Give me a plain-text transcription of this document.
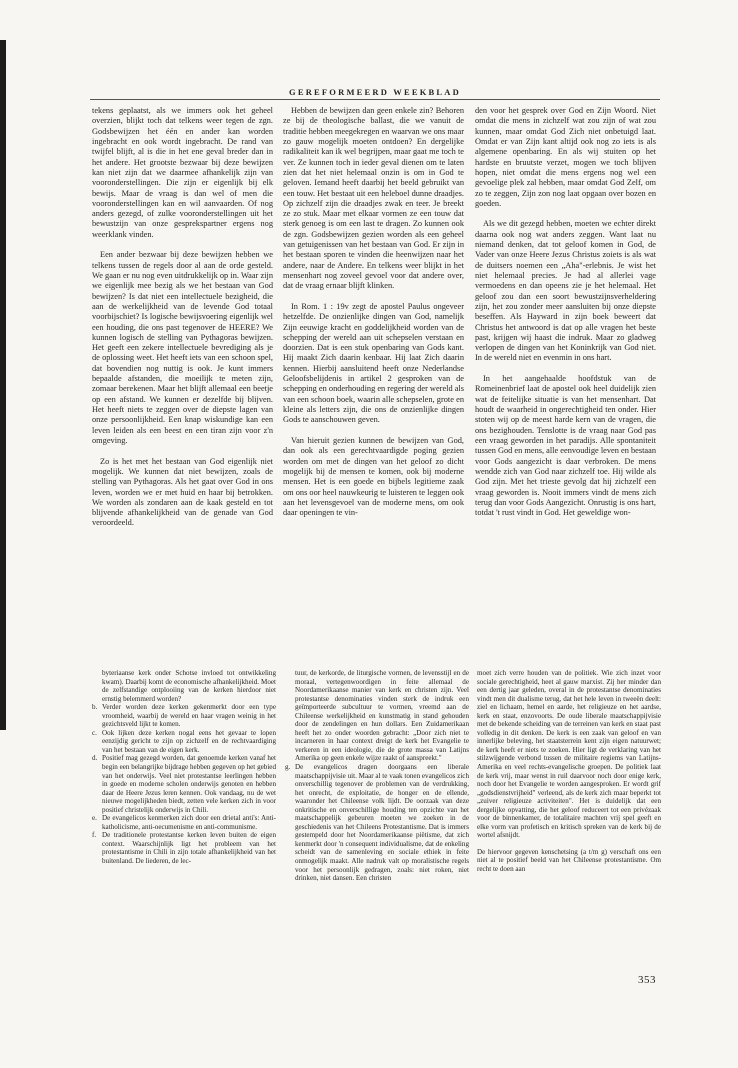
GEREFORMEERD WEEKBLAD

tekens geplaatst, als we immers ook het geheel overzien, blijkt toch dat telkens weer tegen de zgn. Godsbewijzen het één en ander kan worden ingebracht en ook wordt ingebracht. De rand van twijfel blijft, al is die in het ene geval breder dan in het andere. Het grootste bezwaar bij deze bewijzen kan niet zijn dat we daarmee afhankelijk zijn van vooronderstellingen. Die zijn er eigenlijk bij elk bewijs. Maar de vraag is dan wel of men die vooronderstellingen kan en wil aanvaarden. Of nog anders gezegd, of zulke vooronderstellingen uit het bewustzijn van onze gesprekspartner ergens nog weerklank vinden.

Een ander bezwaar bij deze bewijzen hebben we telkens tussen de regels door al aan de orde gesteld. We gaan er nu nog even uitdrukkelijk op in. Waar zijn we eigenlijk mee bezig als we het bestaan van God bewijzen? Is dat niet een intellectuele bezigheid, die aan de werkelijkheid van de levende God totaal voorbijschiet? Is logische bewijsvoering eigenlijk wel een houding, die ons past tegenover de HEERE? We kunnen logisch de stelling van Pythagoras bewijzen. Het geeft een zekere intellectuele bevrediging als je de oplossing weet. Het heeft iets van een schoon spel, dat bovendien nog nuttig is ook. Je kunt immers bepaalde afstanden, die moeilijk te meten zijn, zomaar berekenen. Maar het blijft allemaal een beetje op een afstand. We kunnen er dezelfde bij blijven. Het heeft niets te zeggen over de diepste lagen van onze persoonlijkheid. Een knap wiskundige kan een leven leiden als een beest en een tiran zijn voor z'n omgeving.

Zo is het met het bestaan van God eigenlijk niet mogelijk. We kunnen dat niet bewijzen, zoals de stelling van Pythagoras. Als het gaat over God in ons leven, worden we er met huid en haar bij betrokken. We worden als zondaren aan de kaak gesteld en tot blijvende afhankelijkheid van de genade van God veroordeeld.

Hebben de bewijzen dan geen enkele zin? Behoren ze bij de theologische ballast, die we vanuit de traditie hebben meegekregen en waarvan we ons maar zo gauw mogelijk moeten ontdoen? En dergelijke radikaliteit kan ik wel begrijpen, maar gaat me toch te ver. Ze kunnen toch in ieder geval dienen om te laten zien dat het niet helemaal onzin is om in God te geloven. Iemand heeft daarbij het beeld gebruikt van een touw. Het bestaat uit een heleboel dunne draadjes. Op zichzelf zijn die draadjes zwak en teer. Je breekt ze zo stuk. Maar met elkaar vormen ze een touw dat sterk genoeg is om een last te dragen. Zo kunnen ook de zgn. Godsbewijzen gezien worden als een geheel van getuigenissen van het bestaan van God. Er zijn in het bestaan sporen te vinden die heenwijzen naar het andere, naar de Andere. En telkens weer blijkt in het mensenhart nog zoveel gevoel voor dat andere over, dat de vraag ernaar blijft klinken.

In Rom. 1 : 19v zegt de apostel Paulus ongeveer hetzelfde. De onzienlijke dingen van God, namelijk Zijn eeuwige kracht en goddelijkheid worden van de schepping der wereld aan uit schepselen verstaan en doorzien. Dat is een stuk openbaring van Gods kant. Hij maakt Zich daarin kenbaar. Hij laat Zich daarin kennen. Hierbij aansluitend heeft onze Nederlandse Geloofsbelijdenis in artikel 2 gesproken van de schepping en onderhouding en regering der wereld als van een schoon boek, waarin alle schepselen, grote en kleine als letters zijn, die ons de onzienlijke dingen Gods te aanschouwen geven.

Van hieruit gezien kunnen de bewijzen van God, dan ook als een gerechtvaardigde poging gezien worden om met de dingen van het geloof zo dicht mogelijk bij de mensen te komen, ook bij moderne mensen. Het is een goede en bijbels legitieme zaak om ons oor heel nauwkeurig te luisteren te leggen ook aan het levensgevoel van de moderne mens, om ook daar openingen te vin-

den voor het gesprek over God en Zijn Woord. Niet omdat die mens in zichzelf wat zou zijn of wat zou kunnen, maar omdat God Zich niet onbetuigd laat. Omdat er van Zijn kant altijd ook nog zo iets is als algemene openbaring. En als wij stuiten op het hardste en bruutste verzet, mogen we toch blijven hopen, niet omdat die mens ergens nog wel een gevoelige plek zal hebben, maar omdat God Zelf, om zo te zeggen, Zijn zon nog laat opgaan over bozen en goeden.

Als we dit gezegd hebben, moeten we echter direkt daarna ook nog wat anders zeggen. Want laat nu niemand denken, dat tot geloof komen in God, de Vader van onze Heere Jezus Christus zoiets is als wat de duitsers noemen een „Aha"-erlebnis. Je wist het niet helemaal precies. Je had al allerlei vage vermoedens en dan opeens zie je het helemaal. Het geloof zou dan een soort bewustzijnsverheldering zijn, het zou zonder meer aansluiten bij onze diepste beseffen. Als Hayward in zijn boek beweert dat Christus het antwoord is dat op alle vragen het beste past, krijgen wij haast die indruk. Maar zo gladweg verlopen de dingen van het Koninkrijk van God niet. In de wereld niet en evenmin in ons hart.

In het aangehaalde hoofdstuk van de Romeinenbrief laat de apostel ook heel duidelijk zien wat de feitelijke situatie is van het mensenhart. Dat houdt de waarheid in ongerechtigheid ten onder. Hier stoten wij op de meest harde kern van de vragen, die ons bezighouden. Tenslotte is de vraag naar God pas een vraag geworden in het paradijs. Alle spontaniteit tussen God en mens, alle eenvoudige leven en bestaan voor Gods aangezicht is daar verbroken. De mens wendde zich van God naar zichzelf toe. Hij wilde als God zijn. Met het trieste gevolg dat hij zichzelf een vraag geworden is. Nooit immers vindt de mens zich terug dan voor Gods Aangezicht. Onrustig is ons hart, totdat 't rust vindt in God. Het geweldige won-

byteriaanse kerk onder Schotse invloed tot ontwikkeling kwam). Daarbij komt de economische afhankelijkheid. Moet de zelfstandige ontplooiing van de kerken hierdoor niet ernstig belemmerd worden?

b. Verder worden deze kerken gekenmerkt door een type vroomheid, waarbij de wereld en haar vragen weinig in het gezichtsveld lijkt te komen.
c. Ook lijken deze kerken nogal eens het gevaar te lopen eenzijdig gericht te zijn op zichzelf en de rechtvaardiging van het bestaan van de eigen kerk.
d. Positief mag gezegd worden, dat genoemde kerken vanaf het begin een belangrijke bijdrage hebben gegeven op het gebied van het onderwijs. Veel niet protestantse leerlingen hebben in goede en moderne scholen onderwijs genoten en hebben daar de Heere Jezus leren kennen. Ook vandaag, nu de wet nieuwe mogelijkheden biedt, zetten vele kerken zich in voor positief christelijk onderwijs in Chili.
e. De evangelicos kenmerken zich door een drietal anti's: Anti-katholicisme, anti-oecumenisme en anti-communisme.
f. De traditionele protestantse kerken leven buiten de eigen context. Waarschijnlijk ligt het probleem van het protestantisme in Chili in zijn totale afhankelijkheid van het buitenland. De liederen, de lec-

tuur, de kerkorde, de liturgische vormen, de levensstijl en de moraal, vertegenwoordigen in feite allemaal de Noordamerikaanse manier van kerk en christen zijn. Veel protestantse denominaties vinden sterk de indruk een geïmporteerde subcultuur te vormen, vreemd aan de Chileense werkelijkheid en kunstmatig in stand gehouden door de zendelingen en hun dollars. Een Zuidamerikaan heeft het zo onder woorden gebracht: „Door zich niet te incarneren in haar context dreigt de kerk het Evangelie te verkeren in een ideologie, die de grote massa van Latijns Amerika op geen enkele wijze raakt of aanspreekt."

g. De evangelicos dragen doorgaans een liberale maatschappijvisie uit. Maar al te vaak tonen evangelicos zich onverschillig tegenover de problemen van de verdrukking, het onrecht, de exploitatie, de honger en de ellende, waaronder het Chileense volk lijdt. De oorzaak van deze onkritische en onverschillige houding ten opzichte van het maatschappelijk gebeuren moeten we zoeken in de geschiedenis van het Chileens Protestantisme. Dat is immers gestempeld door het Noordamerikaanse piëtisme, dat zich kenmerkt door 'n consequent individualisme, dat de enkeling scheidt van de samenleving en sociale ethiek in feite onmogelijk maakt. Alle nadruk valt op moralistische regels voor het persoonlijk gedragen, zoals: niet roken, niet drinken, niet dansen. Een christen

moet zich verre houden van de politiek. Wie zich inzet voor sociale gerechtigheid, heet al gauw marxist. Zij her minder dan een dertig jaar geleden, overal in de protestantse denominaties vindt men dit dualisme terug, dat het hele leven in tweeën deelt: ziel en lichaam, hemel en aarde, het religieuze en het aardse, kerk en staat, enzovoorts. De oude liberale maatschappijvisie met de bekende scheiding van de terreinen van kerk en staat past volledig in dit denken. De kerk is een zaak van geloof en van innerlijke beleving, het staatsterrein kent zijn eigen natuurwet; de kerk heeft er niets te zoeken. Hier ligt de verklaring van het stilzwijgende verbond tussen de militaire regiems van Latijns-Amerika en veel rechts-evangelische groepen. De politiek laat de kerk vrij, maar wenst in ruil daarvoor noch door enige kerk, noch door het Evangelie te worden aangesproken. Er wordt grif „godsdienstvrijheid" verleend, als de kerk zich maar beperkt tot „zuiver religieuze activiteiten". Het is duidelijk dat een dergelijke opvatting, die het geloof reduceert tot een privézaak voor de binnenkamer, de totalitaire machten vrij spel geeft en elke vorm van profetisch en kritisch spreken van de kerk bij de wortel afsnijdt.

De hiervoor gegeven kenschetsing (a t/m g) verschaft ons een niet al te positief beeld van het Chileense protestantisme. Om recht te doen aan

353
